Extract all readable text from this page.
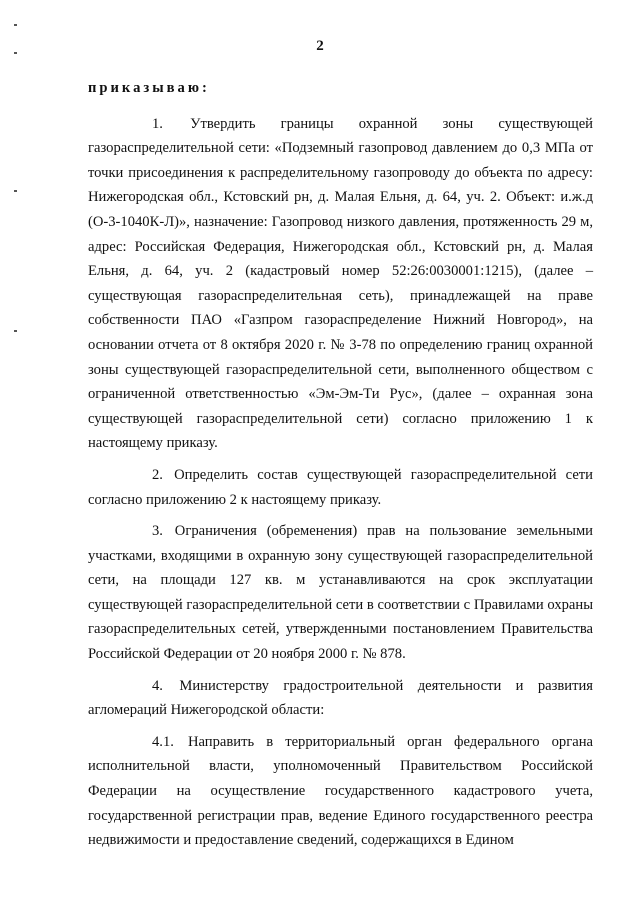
2

приказываю:

1. Утвердить границы охранной зоны существующей газораспределительной сети: «Подземный газопровод давлением до 0,3 МПа от точки присоединения к распределительному газопроводу до объекта по адресу: Нижегородская обл., Кстовский рн, д. Малая Ельня, д. 64, уч. 2. Объект: и.ж.д (О-3-1040К-Л)», назначение: Газопровод низкого давления, протяженность 29 м, адрес: Российская Федерация, Нижегородская обл., Кстовский рн, д. Малая Ельня, д. 64, уч. 2 (кадастровый номер 52:26:0030001:1215), (далее – существующая газораспределительная сеть), принадлежащей на праве собственности ПАО «Газпром газораспределение Нижний Новгород», на основании отчета от 8 октября 2020 г. № 3-78 по определению границ охранной зоны существующей газораспределительной сети, выполненного обществом с ограниченной ответственностью «Эм-Эм-Ти Рус», (далее – охранная зона существующей газораспределительной сети) согласно приложению 1 к настоящему приказу.

2. Определить состав существующей газораспределительной сети согласно приложению 2 к настоящему приказу.

3. Ограничения (обременения) прав на пользование земельными участками, входящими в охранную зону существующей газораспределительной сети, на площади 127 кв. м устанавливаются на срок эксплуатации существующей газораспределительной сети в соответствии с Правилами охраны газораспределительных сетей, утвержденными постановлением Правительства Российской Федерации от 20 ноября 2000 г. № 878.

4. Министерству градостроительной деятельности и развития агломераций Нижегородской области:

4.1. Направить в территориальный орган федерального органа исполнительной власти, уполномоченный Правительством Российской Федерации на осуществление государственного кадастрового учета, государственной регистрации прав, ведение Единого государственного реестра недвижимости и предоставление сведений, содержащихся в Едином
